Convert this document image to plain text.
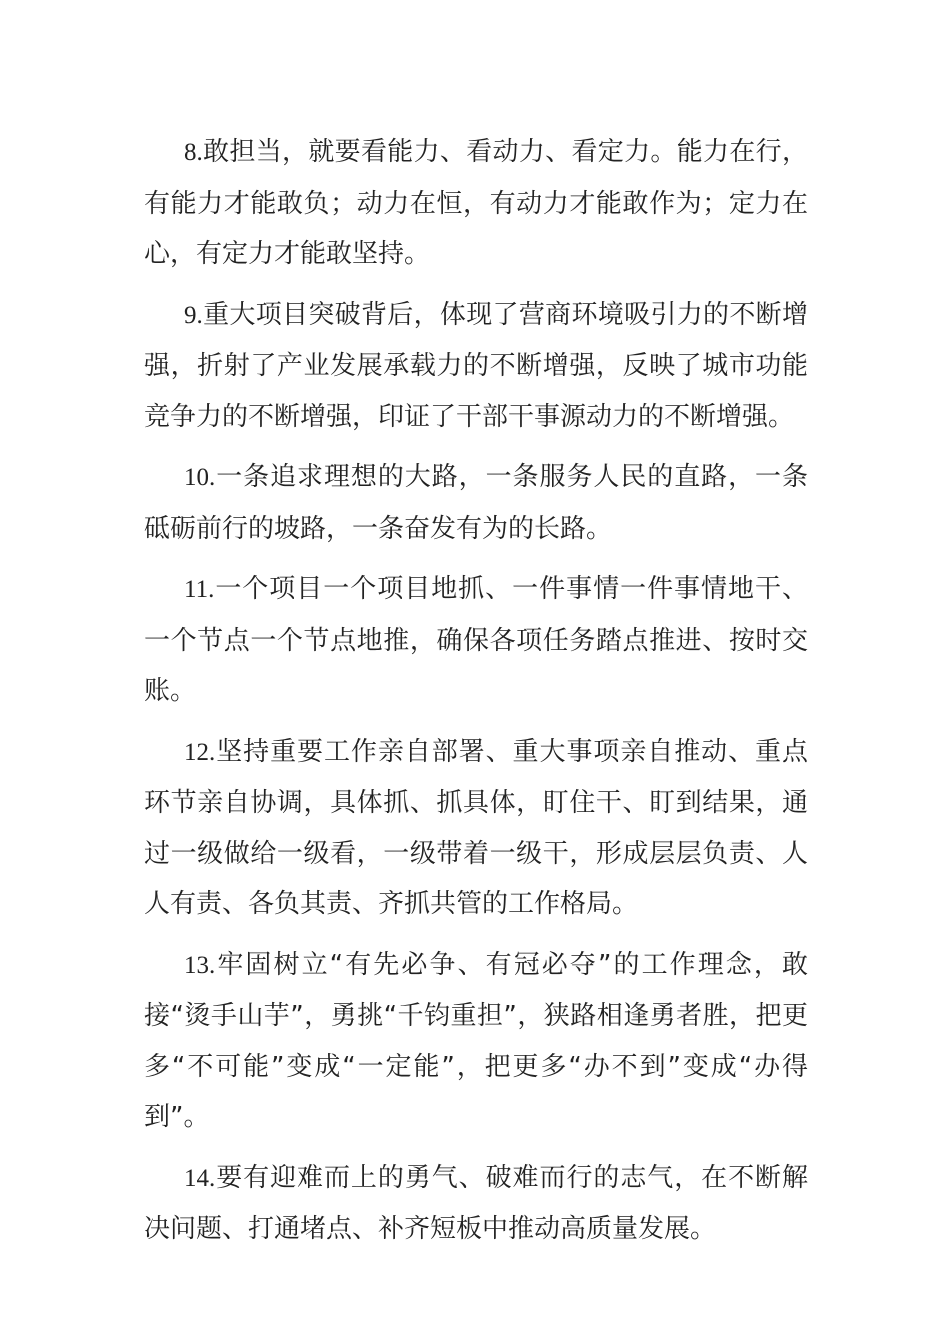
8.敢担当，就要看能力、看动力、看定力。能力在行，有能力才能敢负；动力在恒，有动力才能敢作为；定力在心，有定力才能敢坚持。

9.重大项目突破背后，体现了营商环境吸引力的不断增强，折射了产业发展承载力的不断增强，反映了城市功能竞争力的不断增强，印证了干部干事源动力的不断增强。

10.一条追求理想的大路，一条服务人民的直路，一条砥砺前行的坡路，一条奋发有为的长路。

11.一个项目一个项目地抓、一件事情一件事情地干、一个节点一个节点地推，确保各项任务踏点推进、按时交账。

12.坚持重要工作亲自部署、重大事项亲自推动、重点环节亲自协调，具体抓、抓具体，盯住干、盯到结果，通过一级做给一级看，一级带着一级干，形成层层负责、人人有责、各负其责、齐抓共管的工作格局。

13.牢固树立“有先必争、有冠必夺”的工作理念，敢接“烫手山芋”，勇挑“千钧重担”，狭路相逢勇者胜，把更多“不可能”变成“一定能”，把更多“办不到”变成“办得到”。

14.要有迎难而上的勇气、破难而行的志气，在不断解决问题、打通堵点、补齐短板中推动高质量发展。
